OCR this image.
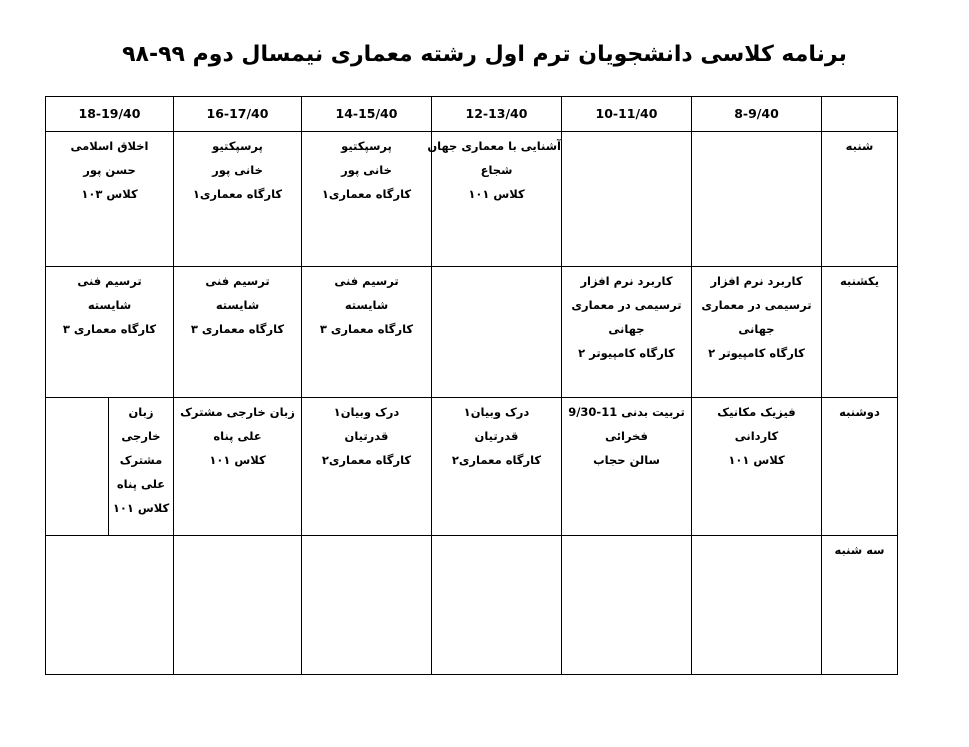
برنامه کلاسی دانشجویان ترم اول رشته معماری نیمسال دوم ۹۹-۹۸
	8-9/40	10-11/40	12-13/40	14-15/40	16-17/40	18-19/40

شنبه			آشنایی با معماری جهان
شجاع
کلاس ۱۰۱	پرسپکتیو
خانی پور
کارگاه معماری۱	پرسپکتیو
خانی پور
کارگاه معماری۱	اخلاق اسلامی
حسن پور
کلاس ۱۰۳

یکشنبه	کاربرد نرم افزار
ترسیمی در معماری
جهانی
کارگاه کامپیوتر ۲	کاربرد نرم افزار
ترسیمی در معماری
جهانی
کارگاه کامپیوتر ۲		ترسیم فنی
شایسته
کارگاه معماری ۳	ترسیم فنی
شایسته
کارگاه معماری ۳	ترسیم فنی
شایسته
کارگاه معماری ۳

دوشنبه	فیزیک مکانیک
کاردانی
کلاس ۱۰۱	تربیت بدنی 11-9/30
فخرائی
سالن حجاب	درک وبیان۱
قدرتیان
کارگاه معماری۲	درک وبیان۱
قدرتیان
کارگاه معماری۲	زبان خارجی مشترک
علی پناه
کلاس ۱۰۱	زبان
خارجی
مشترک
علی پناه
کلاس ۱۰۱

سه شنبه						
